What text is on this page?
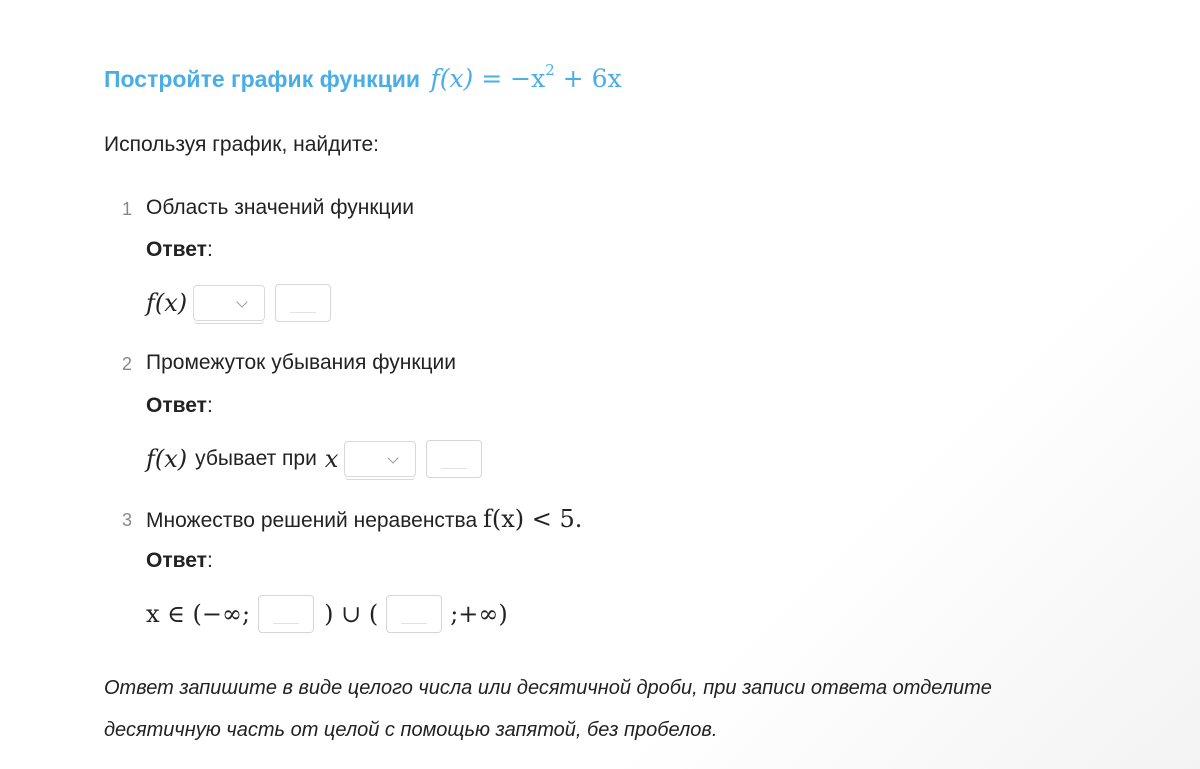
Постройте график функции $f(x) = -x^2 + 6x$
Используя график, найдите:
1 Область значений функции
Ответ:
f(x)
2 Промежуток убывания функции
Ответ:
f(x) убывает при x
3 Множество решений неравенства f(x) < 5.
Ответ:
x ∈ (−∞;	) ∪ (	;+∞)
Ответ запишите в виде целого числа или десятичной дроби, при записи ответа отделите
десятичную часть от целой с помощью запятой, без пробелов.
